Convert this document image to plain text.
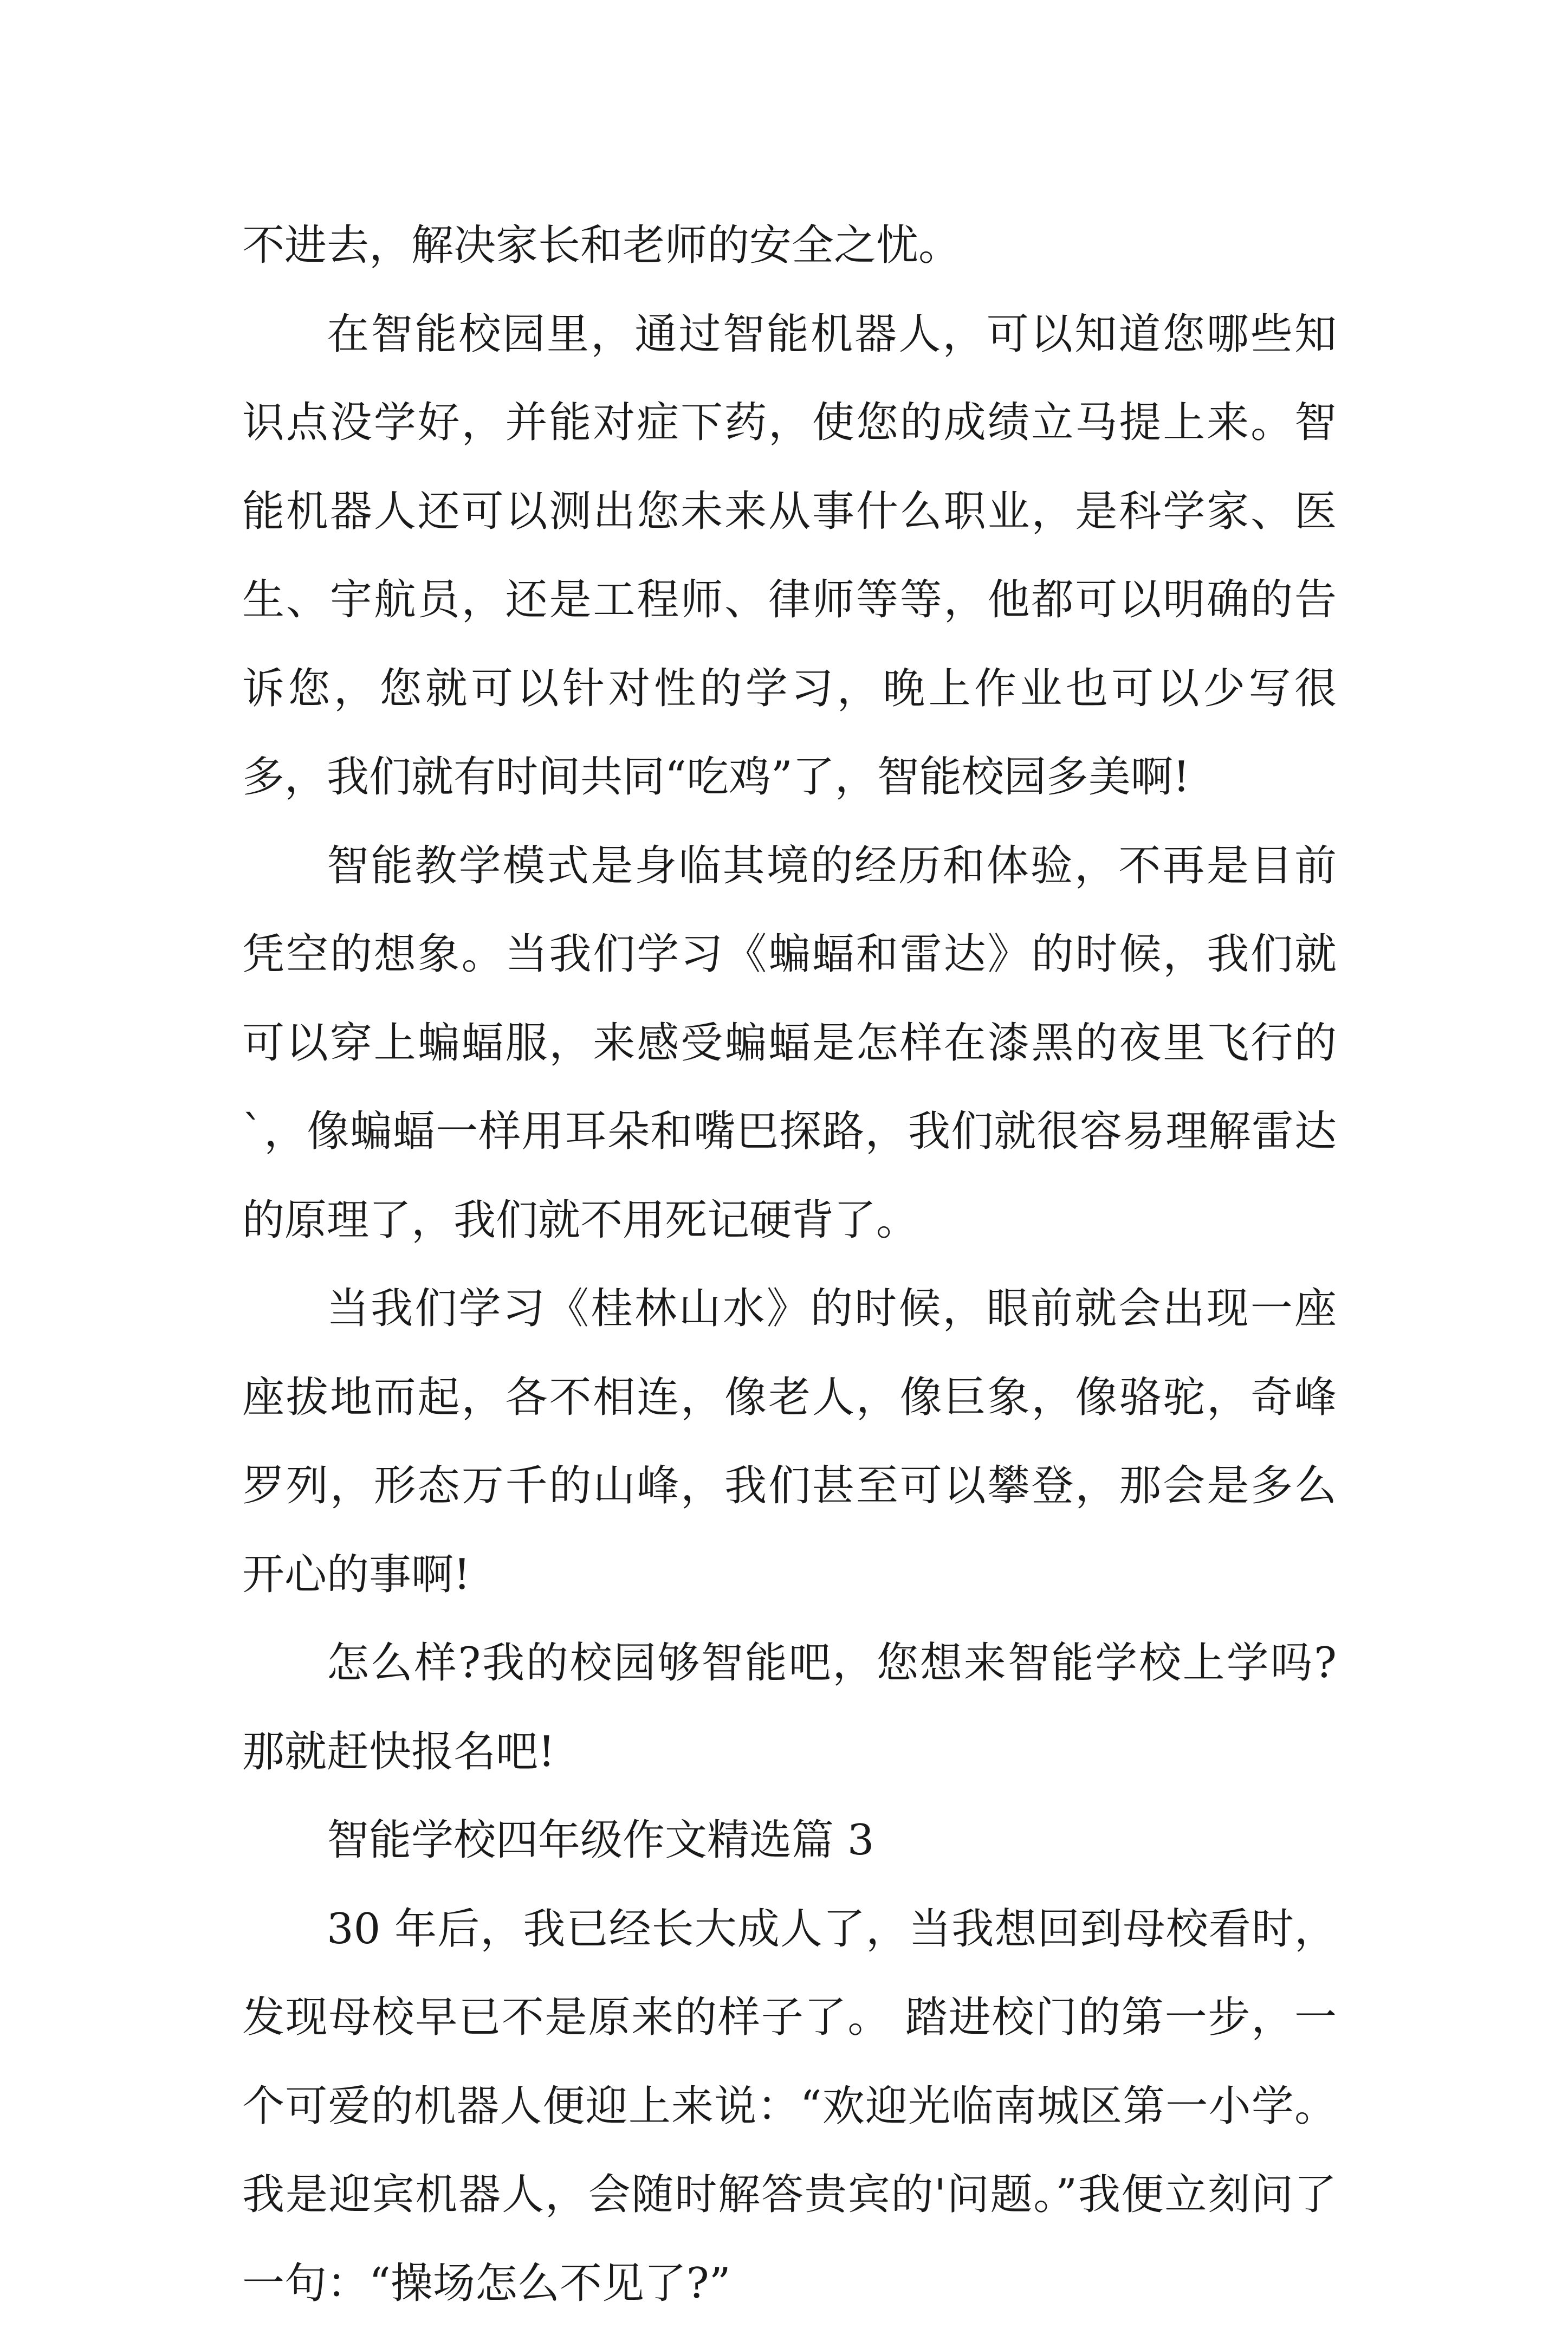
不进去，解决家长和老师的安全之忧。

在智能校园里，通过智能机器人，可以知道您哪些知识点没学好，并能对症下药，使您的成绩立马提上来。智能机器人还可以测出您未来从事什么职业，是科学家、医生、宇航员，还是工程师、律师等等，他都可以明确的告诉您，您就可以针对性的学习，晚上作业也可以少写很多，我们就有时间共同“吃鸡”了，智能校园多美啊!

智能教学模式是身临其境的经历和体验，不再是目前凭空的想象。当我们学习《蝙蝠和雷达》的时候，我们就可以穿上蝙蝠服，来感受蝙蝠是怎样在漆黑的夜里飞行的`，像蝙蝠一样用耳朵和嘴巴探路，我们就很容易理解雷达的原理了，我们就不用死记硬背了。

当我们学习《桂林山水》的时候，眼前就会出现一座座拔地而起，各不相连，像老人，像巨象，像骆驼，奇峰罗列，形态万千的山峰，我们甚至可以攀登，那会是多么开心的事啊!

怎么样?我的校园够智能吧，您想来智能学校上学吗?那就赶快报名吧!

智能学校四年级作文精选篇 3

30 年后，我已经长大成人了，当我想回到母校看时，发现母校早已不是原来的样子了。 踏进校门的第一步，一个可爱的机器人便迎上来说：“欢迎光临南城区第一小学。我是迎宾机器人，会随时解答贵宾的'问题。”我便立刻问了一句：“操场怎么不见了?”
